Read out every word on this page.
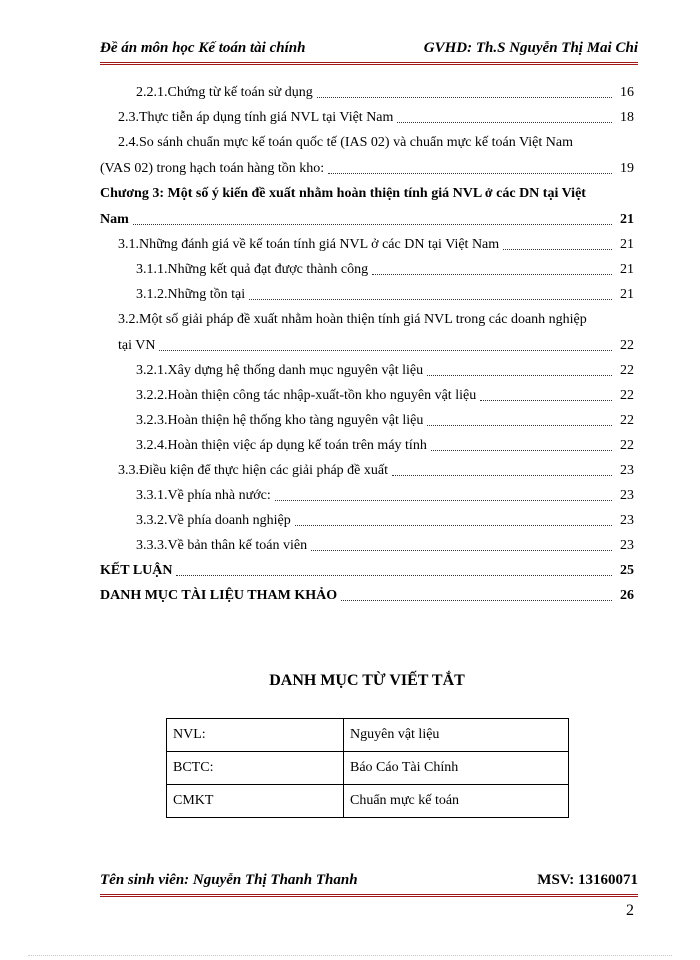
Đề án môn học Kế toán tài chính	GVHD: Th.S Nguyễn Thị Mai Chi
2.2.1.Chứng từ kế toán sử dụng	16
2.3.Thực tiễn áp dụng tính giá NVL tại Việt Nam	18
2.4.So sánh chuẩn mực kế toán quốc tế (IAS 02) và chuẩn mực kế toán Việt Nam
(VAS 02) trong hạch toán hàng tồn kho:	19
Chương 3: Một số ý kiến đề xuất nhằm hoàn thiện tính giá NVL ở các DN tại Việt
Nam	21
3.1.Những đánh giá về kế toán tính giá NVL ở các DN tại Việt Nam	21
3.1.1.Những kết quả đạt được thành công	21
3.1.2.Những tồn tại	21
3.2.Một số giải pháp đề xuất nhằm hoàn thiện tính giá NVL trong các doanh nghiệp
tại VN	22
3.2.1.Xây dựng hệ thống danh mục nguyên vật liệu	22
3.2.2.Hoàn thiện công tác nhập-xuất-tồn kho nguyên vật liệu	22
3.2.3.Hoàn thiện hệ thống kho tàng nguyên vật liệu	22
3.2.4.Hoàn thiện việc áp dụng kế toán trên máy tính	22
3.3.Điều kiện để thực hiện các giải pháp đề xuất	23
3.3.1.Về phía nhà nước:	23
3.3.2.Về phía doanh nghiệp	23
3.3.3.Về bản thân kế toán viên	23
KẾT LUẬN	25
DANH MỤC TÀI LIỆU THAM KHẢO	26
DANH MỤC TỪ VIẾT TẮT
NVL:	Nguyên vật liệu
BCTC:	Báo Cáo Tài Chính
CMKT	Chuẩn mực kế toán
Tên sinh viên: Nguyễn Thị Thanh Thanh	MSV: 13160071
2
